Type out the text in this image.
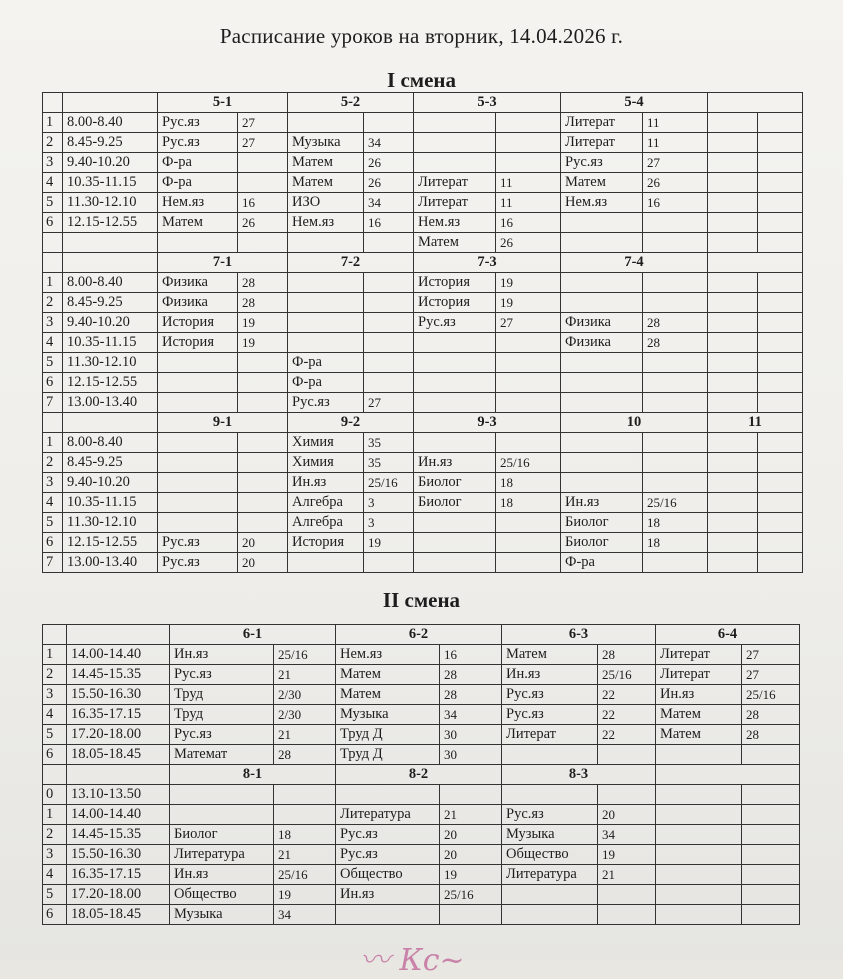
Расписание уроков на вторник, 14.04.2026 г.
I смена
		5-1		5-2		5-3		5-4			
1	8.00-8.40	Рус.яз	27					Литерат	11		
2	8.45-9.25	Рус.яз	27	Музыка	34			Литерат	11		
3	9.40-10.20	Ф-ра		Матем	26			Рус.яз	27		
4	10.35-11.15	Ф-ра		Матем	26	Литерат	11	Матем	26		
5	11.30-12.10	Нем.яз	16	ИЗО	34	Литерат	11	Нем.яз	16		
6	12.15-12.55	Матем	26	Нем.яз	16	Нем.яз	16				
						Матем	26				
		7-1		7-2		7-3		7-4			
1	8.00-8.40	Физика	28			История	19				
2	8.45-9.25	Физика	28			История	19				
3	9.40-10.20	История	19			Рус.яз	27	Физика	28		
4	10.35-11.15	История	19					Физика	28		
5	11.30-12.10			Ф-ра							
6	12.15-12.55			Ф-ра							
7	13.00-13.40			Рус.яз	27						
		9-1		9-2		9-3		10		11	
1	8.00-8.40			Химия	35						
2	8.45-9.25			Химия	35	Ин.яз	25/16				
3	9.40-10.20			Ин.яз	25/16	Биолог	18				
4	10.35-11.15			Алгебра	3	Биолог	18	Ин.яз	25/16		
5	11.30-12.10			Алгебра	3			Биолог	18		
6	12.15-12.55	Рус.яз	20	История	19			Биолог	18		
7	13.00-13.40	Рус.яз	20					Ф-ра			
II смена
		6-1		6-2		6-3		6-4	
1	14.00-14.40	Ин.яз	25/16	Нем.яз	16	Матем	28	Литерат	27
2	14.45-15.35	Рус.яз	21	Матем	28	Ин.яз	25/16	Литерат	27
3	15.50-16.30	Труд	2/30	Матем	28	Рус.яз	22	Ин.яз	25/16
4	16.35-17.15	Труд	2/30	Музыка	34	Рус.яз	22	Матем	28
5	17.20-18.00	Рус.яз	21	Труд Д	30	Литерат	22	Матем	28
6	18.05-18.45	Математ	28	Труд Д	30				
		8-1		8-2		8-3			
0	13.10-13.50								
1	14.00-14.40			Литература	21	Рус.яз	20		
2	14.45-15.35	Биолог	18	Рус.яз	20	Музыка	34		
3	15.50-16.30	Литература	21	Рус.яз	20	Общество	19		
4	16.35-17.15	Ин.яз	25/16	Общество	19	Литература	21		
5	17.20-18.00	Общество	19	Ин.яз	25/16				
6	18.05-18.45	Музыка	34						
〰 Кс~
